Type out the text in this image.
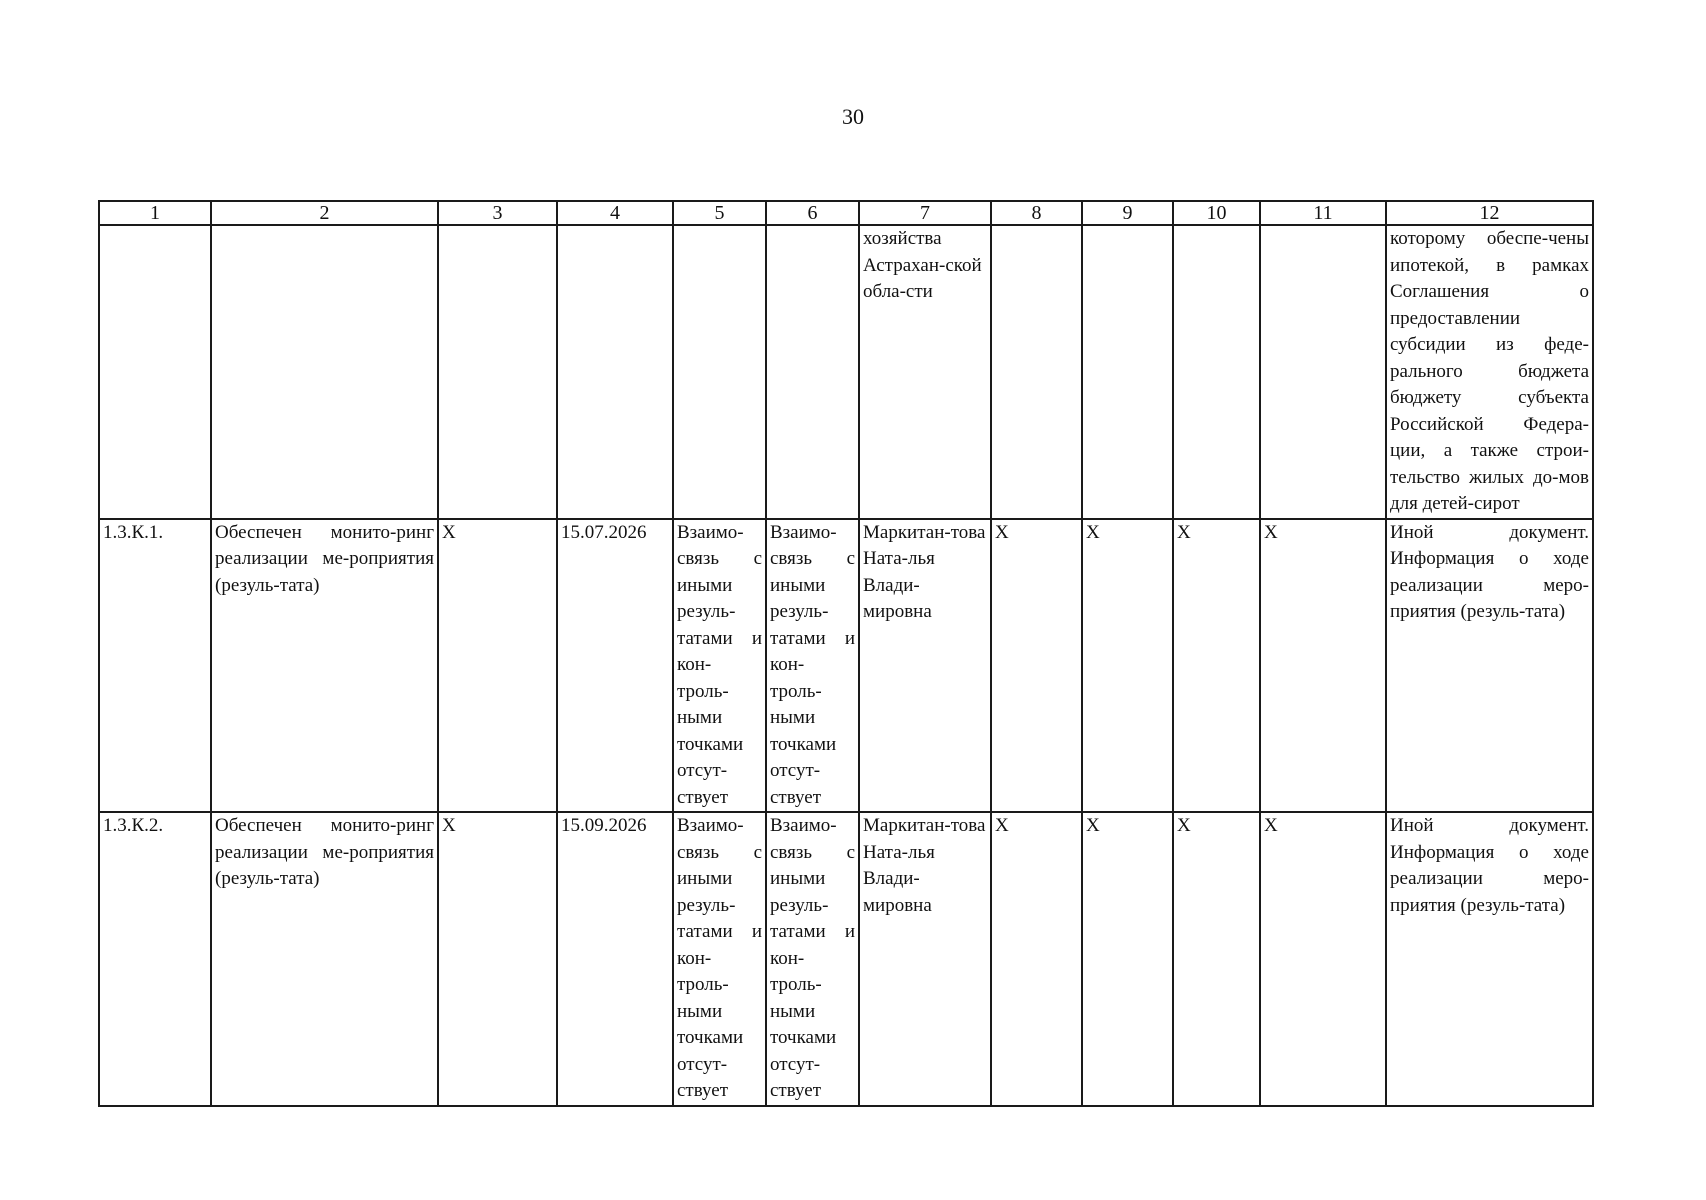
30
1	2	3	4	5	6	7	8	9	10	11	12
						хозяйства Астрахан-ской обла-сти					которому обеспе-чены ипотекой, в рамках Соглашения о предоставлении субсидии из феде-рального бюджета бюджету субъекта Российской Федера-ции, а также строи-тельство жилых до-мов для детей-сирот
1.3.К.1.	Обеспечен монито-ринг реализации ме-роприятия (резуль-тата)	X	15.07.2026	Взаимо-связь с иными резуль-татами и кон-троль-ными точками отсут-ствует	Взаимо-связь с иными резуль-татами и кон-троль-ными точками отсут-ствует	Маркитан-това Ната-лья Влади-мировна	X	X	X	X	Иной документ. Информация о ходе реализации меро-приятия (резуль-тата)
1.3.К.2.	Обеспечен монито-ринг реализации ме-роприятия (резуль-тата)	X	15.09.2026	Взаимо-связь с иными резуль-татами и кон-троль-ными точками отсут-ствует	Взаимо-связь с иными резуль-татами и кон-троль-ными точками отсут-ствует	Маркитан-това Ната-лья Влади-мировна	X	X	X	X	Иной документ. Информация о ходе реализации меро-приятия (резуль-тата)
